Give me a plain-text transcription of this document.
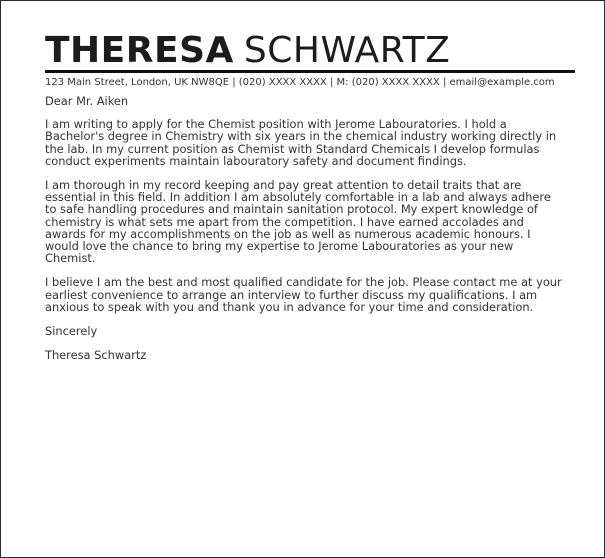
THERESA SCHWARTZ
123 Main Street, London, UK NW8QE | (020) XXXX XXXX | M: (020) XXXX XXXX | email@example.com

Dear Mr. Aiken

I am writing to apply for the Chemist position with Jerome Labouratories. I hold a Bachelor's degree in Chemistry with six years in the chemical industry working directly in the lab. In my current position as Chemist with Standard Chemicals I develop formulas conduct experiments maintain labouratory safety and document findings.

I am thorough in my record keeping and pay great attention to detail traits that are essential in this field. In addition I am absolutely comfortable in a lab and always adhere to safe handling procedures and maintain sanitation protocol. My expert knowledge of chemistry is what sets me apart from the competition. I have earned accolades and awards for my accomplishments on the job as well as numerous academic honours. I would love the chance to bring my expertise to Jerome Labouratories as your new Chemist.

I believe I am the best and most qualified candidate for the job. Please contact me at your earliest convenience to arrange an interview to further discuss my qualifications. I am anxious to speak with you and thank you in advance for your time and consideration.

Sincerely

Theresa Schwartz
